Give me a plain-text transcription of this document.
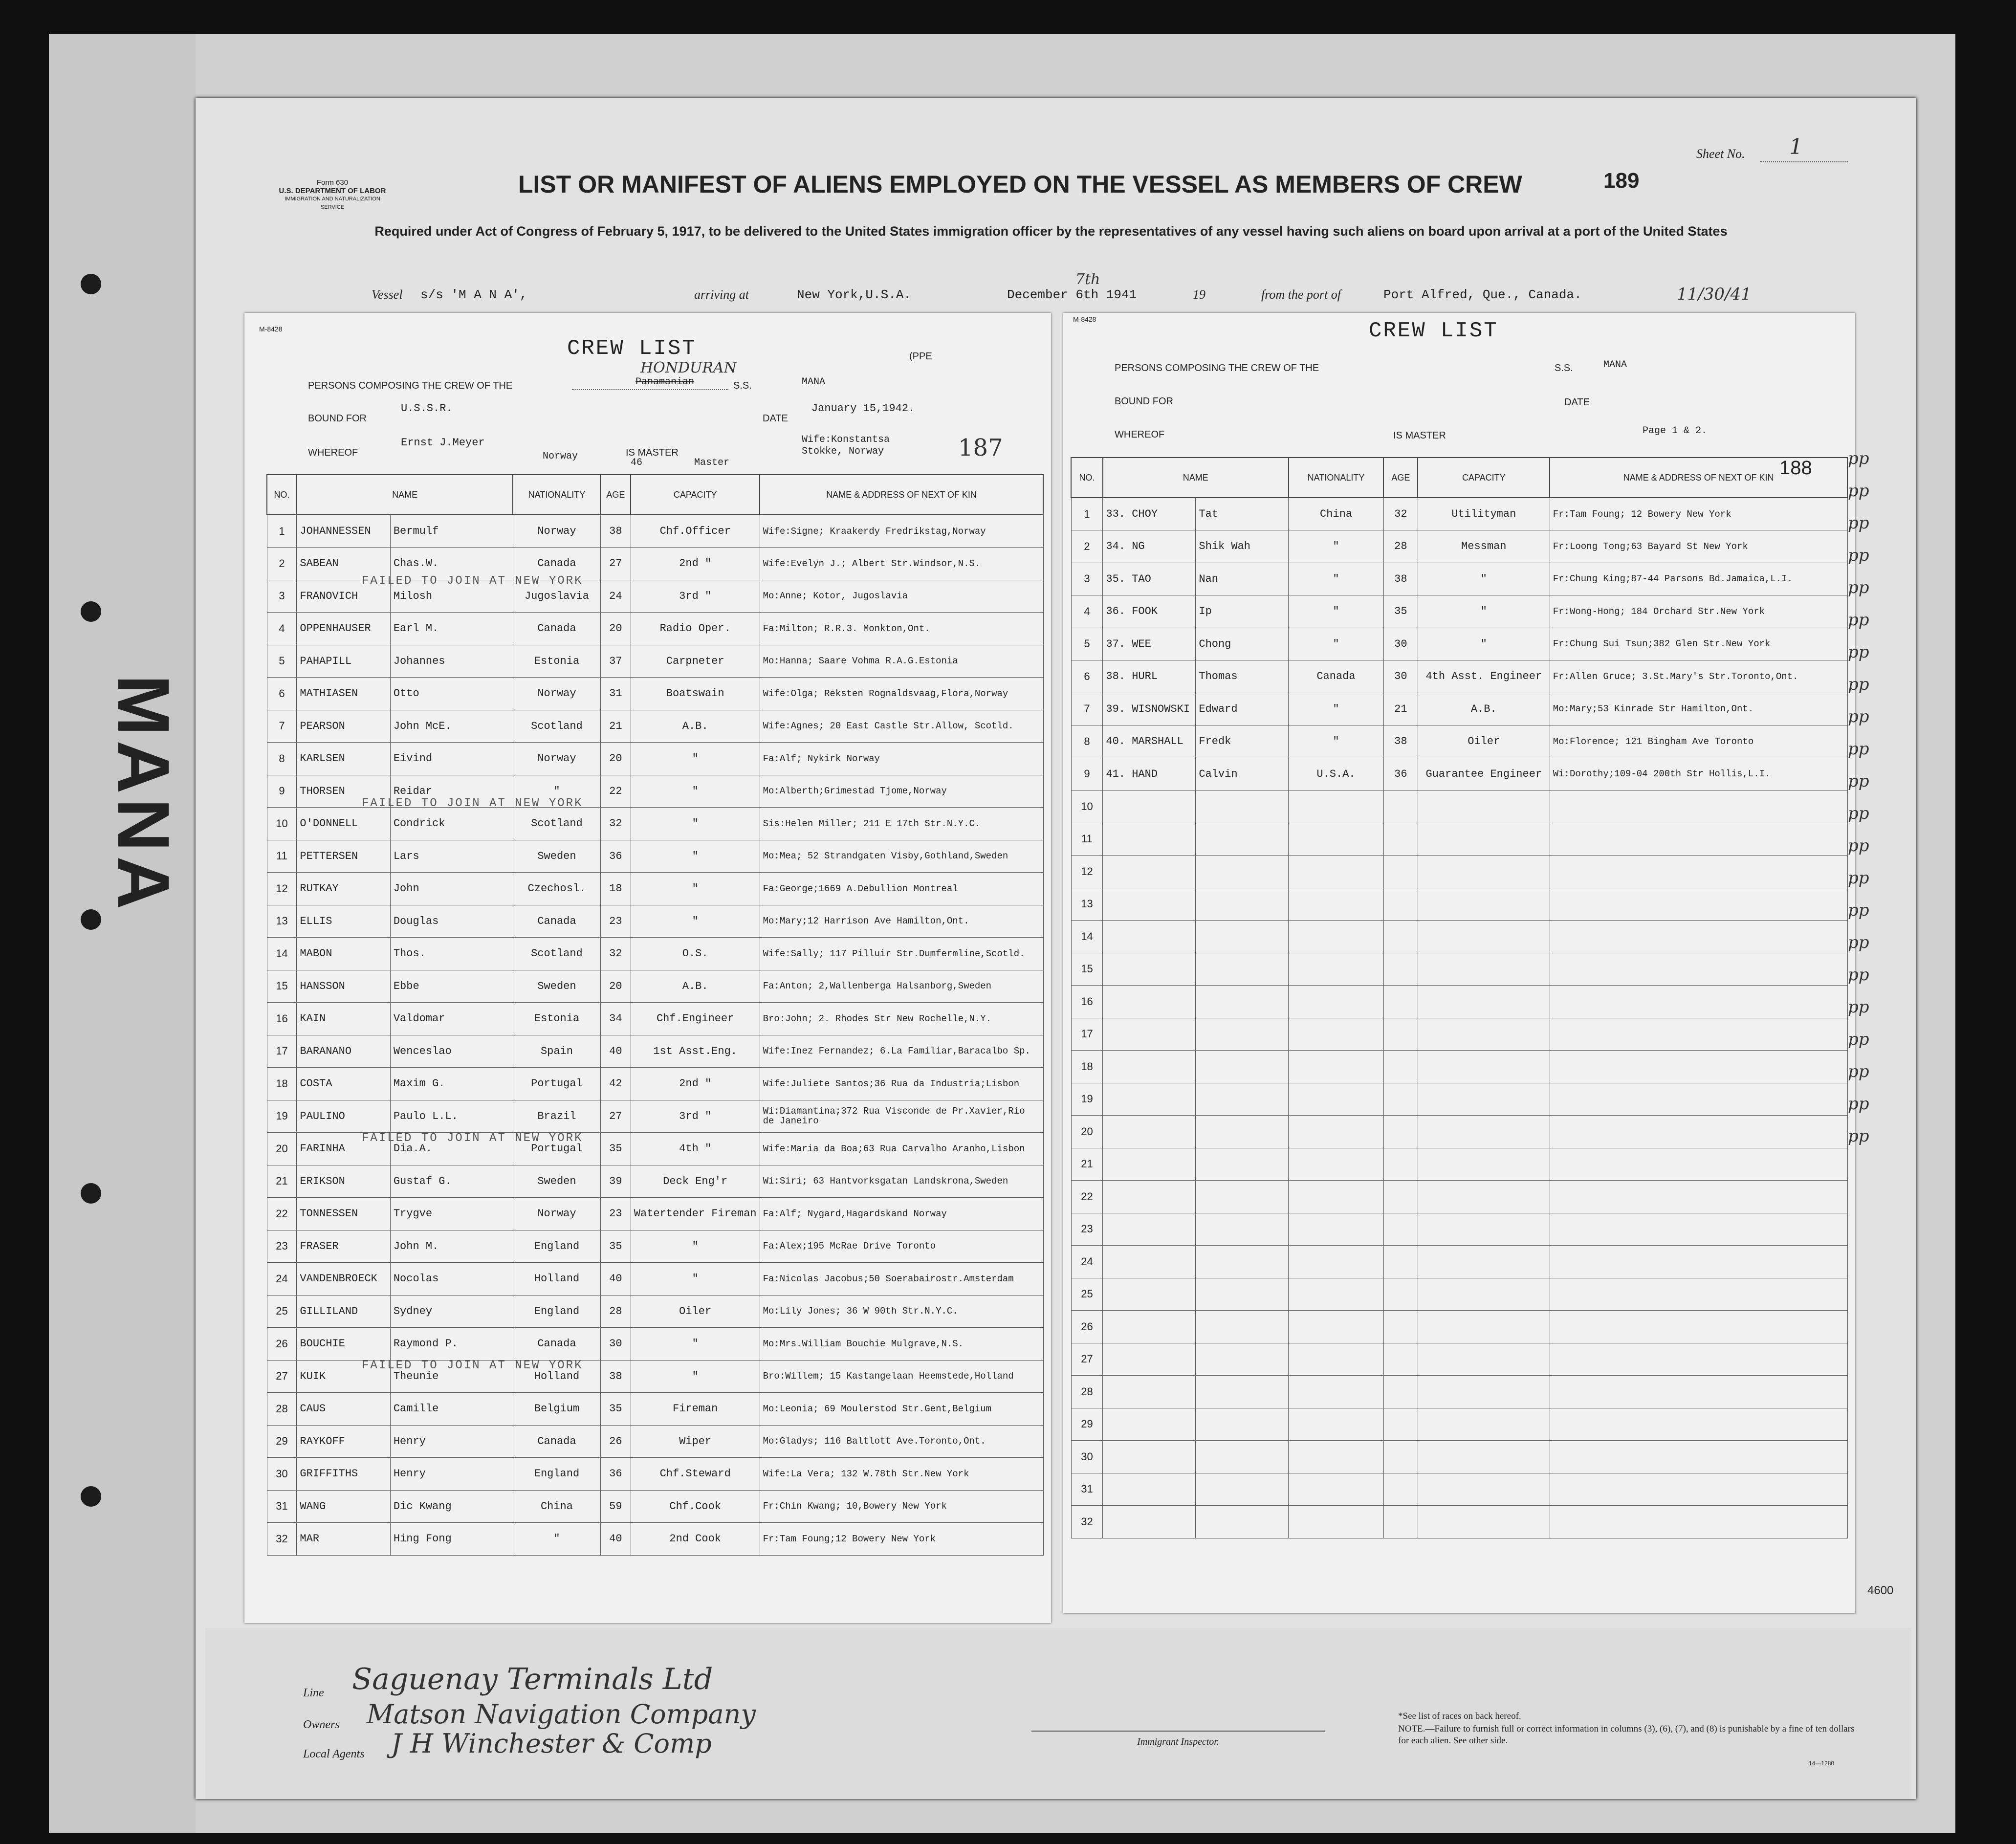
MANA
Form 630
U.S. DEPARTMENT OF LABOR
IMMIGRATION AND NATURALIZATION SERVICE
LIST OR MANIFEST OF ALIENS EMPLOYED ON THE VESSEL AS MEMBERS OF CREW	189
Sheet No. 1
Required under Act of Congress of February 5, 1917, to be delivered to the United States immigration officer by the representatives of any vessel having such aliens on board upon arrival at a port of the United States
Vessel s/s 'M A N A',	arriving at	New York,U.S.A.	December 6th 1941
7th
19	from the port of	Port Alfred, Que., Canada.	11/30/41
M-8428
CREW LIST	(PPE
PERSONS COMPOSING THE CREW OF THE
HONDURAN
Panamanian	S.S.	MANA
BOUND FOR
U.S.S.R.
DATE
January 15,1942.
WHEREOF
Ernst J.Meyer
Norway	IS MASTER
46	Master
Wife:Konstantsa
Stokke, Norway	187
NO.	NAME		NATIONALITY	AGE	CAPACITY	NAME & ADDRESS OF NEXT OF KIN
1	JOHANNESSEN	Bermulf	Norway	38	Chf.Officer	Wife:Signe; Kraakerdy Fredrikstag,Norway
2	SABEAN	Chas.W.	Canada	27	2nd "	Wife:Evelyn J.; Albert Str.Windsor,N.S.
3	FRANOVICH	Milosh	Jugoslavia	24	3rd "	Mo:Anne; Kotor, Jugoslavia
4	OPPENHAUSER	Earl M.	Canada	20	Radio Oper.	Fa:Milton; R.R.3. Monkton,Ont.
5	PAHAPILL	Johannes	Estonia	37	Carpneter	Mo:Hanna; Saare Vohma R.A.G.Estonia
6	MATHIASEN	Otto	Norway	31	Boatswain	Wife:Olga; Reksten Rognaldsvaag,Flora,Norway
7	PEARSON	John McE.	Scotland	21	A.B.	Wife:Agnes; 20 East Castle Str.Allow, Scotld.
8	KARLSEN	Eivind	Norway	20	"	Fa:Alf; Nykirk Norway
9	THORSEN	Reidar	"	22	"	Mo:Alberth;Grimestad Tjome,Norway
10	O'DONNELL	Condrick	Scotland	32	"	Sis:Helen Miller; 211 E 17th Str.N.Y.C.
11	PETTERSEN	Lars	Sweden	36	"	Mo:Mea; 52 Strandgaten Visby,Gothland,Sweden
12	RUTKAY	John	Czechosl.	18	"	Fa:George;1669 A.Debullion Montreal
13	ELLIS	Douglas	Canada	23	"	Mo:Mary;12 Harrison Ave Hamilton,Ont.
14	MABON	Thos.	Scotland	32	O.S.	Wife:Sally; 117 Pilluir Str.Dumfermline,Scotld.
15	HANSSON	Ebbe	Sweden	20	A.B.	Fa:Anton; 2,Wallenberga Halsanborg,Sweden
16	KAIN	Valdomar	Estonia	34	Chf.Engineer	Bro:John; 2. Rhodes Str New Rochelle,N.Y.
17	BARANANO	Wenceslao	Spain	40	1st Asst.Eng.	Wife:Inez Fernandez; 6.La Familiar,Baracalbo Sp.
18	COSTA	Maxim G.	Portugal	42	2nd "	Wife:Juliete Santos;36 Rua da Industria;Lisbon
19	PAULINO	Paulo L.L.	Brazil	27	3rd "	Wi:Diamantina;372 Rua Visconde de Pr.Xavier,Rio de Janeiro
20	FARINHA	Dia.A.	Portugal	35	4th "	Wife:Maria da Boa;63 Rua Carvalho Aranho,Lisbon
21	ERIKSON	Gustaf G.	Sweden	39	Deck Eng'r	Wi:Siri; 63 Hantvorksgatan Landskrona,Sweden
22	TONNESSEN	Trygve	Norway	23	Watertender Fireman	Fa:Alf; Nygard,Hagardskand Norway
23	FRASER	John M.	England	35	"	Fa:Alex;195 McRae Drive Toronto
24	VANDENBROECK	Nocolas	Holland	40	"	Fa:Nicolas Jacobus;50 Soerabairostr.Amsterdam
25	GILLILAND	Sydney	England	28	Oiler	Mo:Lily Jones; 36 W 90th Str.N.Y.C.
26	BOUCHIE	Raymond P.	Canada	30	"	Mo:Mrs.William Bouchie Mulgrave,N.S.
27	KUIK	Theunie	Holland	38	"	Bro:Willem; 15 Kastangelaan Heemstede,Holland
28	CAUS	Camille	Belgium	35	Fireman	Mo:Leonia; 69 Moulerstod Str.Gent,Belgium
29	RAYKOFF	Henry	Canada	26	Wiper	Mo:Gladys; 116 Baltlott Ave.Toronto,Ont.
30	GRIFFITHS	Henry	England	36	Chf.Steward	Wife:La Vera; 132 W.78th Str.New York
31	WANG	Dic Kwang	China	59	Chf.Cook	Fr:Chin Kwang; 10,Bowery New York
32	MAR	Hing Fong	"	40	2nd Cook	Fr:Tam Foung;12 Bowery New York
FAILED TO JOIN AT NEW YORK
FAILED TO JOIN AT NEW YORK
FAILED TO JOIN AT NEW YORK
FAILED TO JOIN AT NEW YORK
M-8428	CREW LIST
PERSONS COMPOSING THE CREW OF THE	S.S.	MANA
BOUND FOR	DATE
WHEREOF	IS MASTER	Page 1 & 2.
188
NO.	NAME		NATIONALITY	AGE	CAPACITY	NAME & ADDRESS OF NEXT OF KIN
1	33. CHOY	Tat	China	32	Utilityman	Fr:Tam Foung; 12 Bowery New York
2	34. NG	Shik Wah	"	28	Messman	Fr:Loong Tong;63 Bayard St New York
3	35. TAO	Nan	"	38	"	Fr:Chung King;87-44 Parsons Bd.Jamaica,L.I.
4	36. FOOK	Ip	"	35	"	Fr:Wong-Hong; 184 Orchard Str.New York
5	37. WEE	Chong	"	30	"	Fr:Chung Sui Tsun;382 Glen Str.New York
6	38. HURL	Thomas	Canada	30	4th Asst. Engineer	Fr:Allen Gruce; 3.St.Mary's Str.Toronto,Ont.
7	39. WISNOWSKI	Edward	"	21	A.B.	Mo:Mary;53 Kinrade Str Hamilton,Ont.
8	40. MARSHALL	Fredk	"	38	Oiler	Mo:Florence; 121 Bingham Ave Toronto
9	41. HAND	Calvin	U.S.A.	36	Guarantee Engineer	Wi:Dorothy;109-04 200th Str Hollis,L.I.
10						
11						
12						
13						
14						
15						
16						
17						
18						
19						
20						
21						
22						
23						
24						
25						
26						
27						
28						
29						
30						
31						
32						
pp
pp
pp
pp
pp
pp
pp
pp
pp
pp
pp
pp
pp
pp
pp
pp
pp
pp
pp
pp
pp
pp
4600
Line Saguenay Terminals Ltd
Owners Matson Navigation Company
Local Agents J H Winchester & Comp	Immigrant Inspector.
*See list of races on back hereof.
NOTE.—Failure to furnish full or correct information in columns (3), (6), (7), and (8) is punishable by a fine of ten dollars for each alien. See other side.
14—1280
